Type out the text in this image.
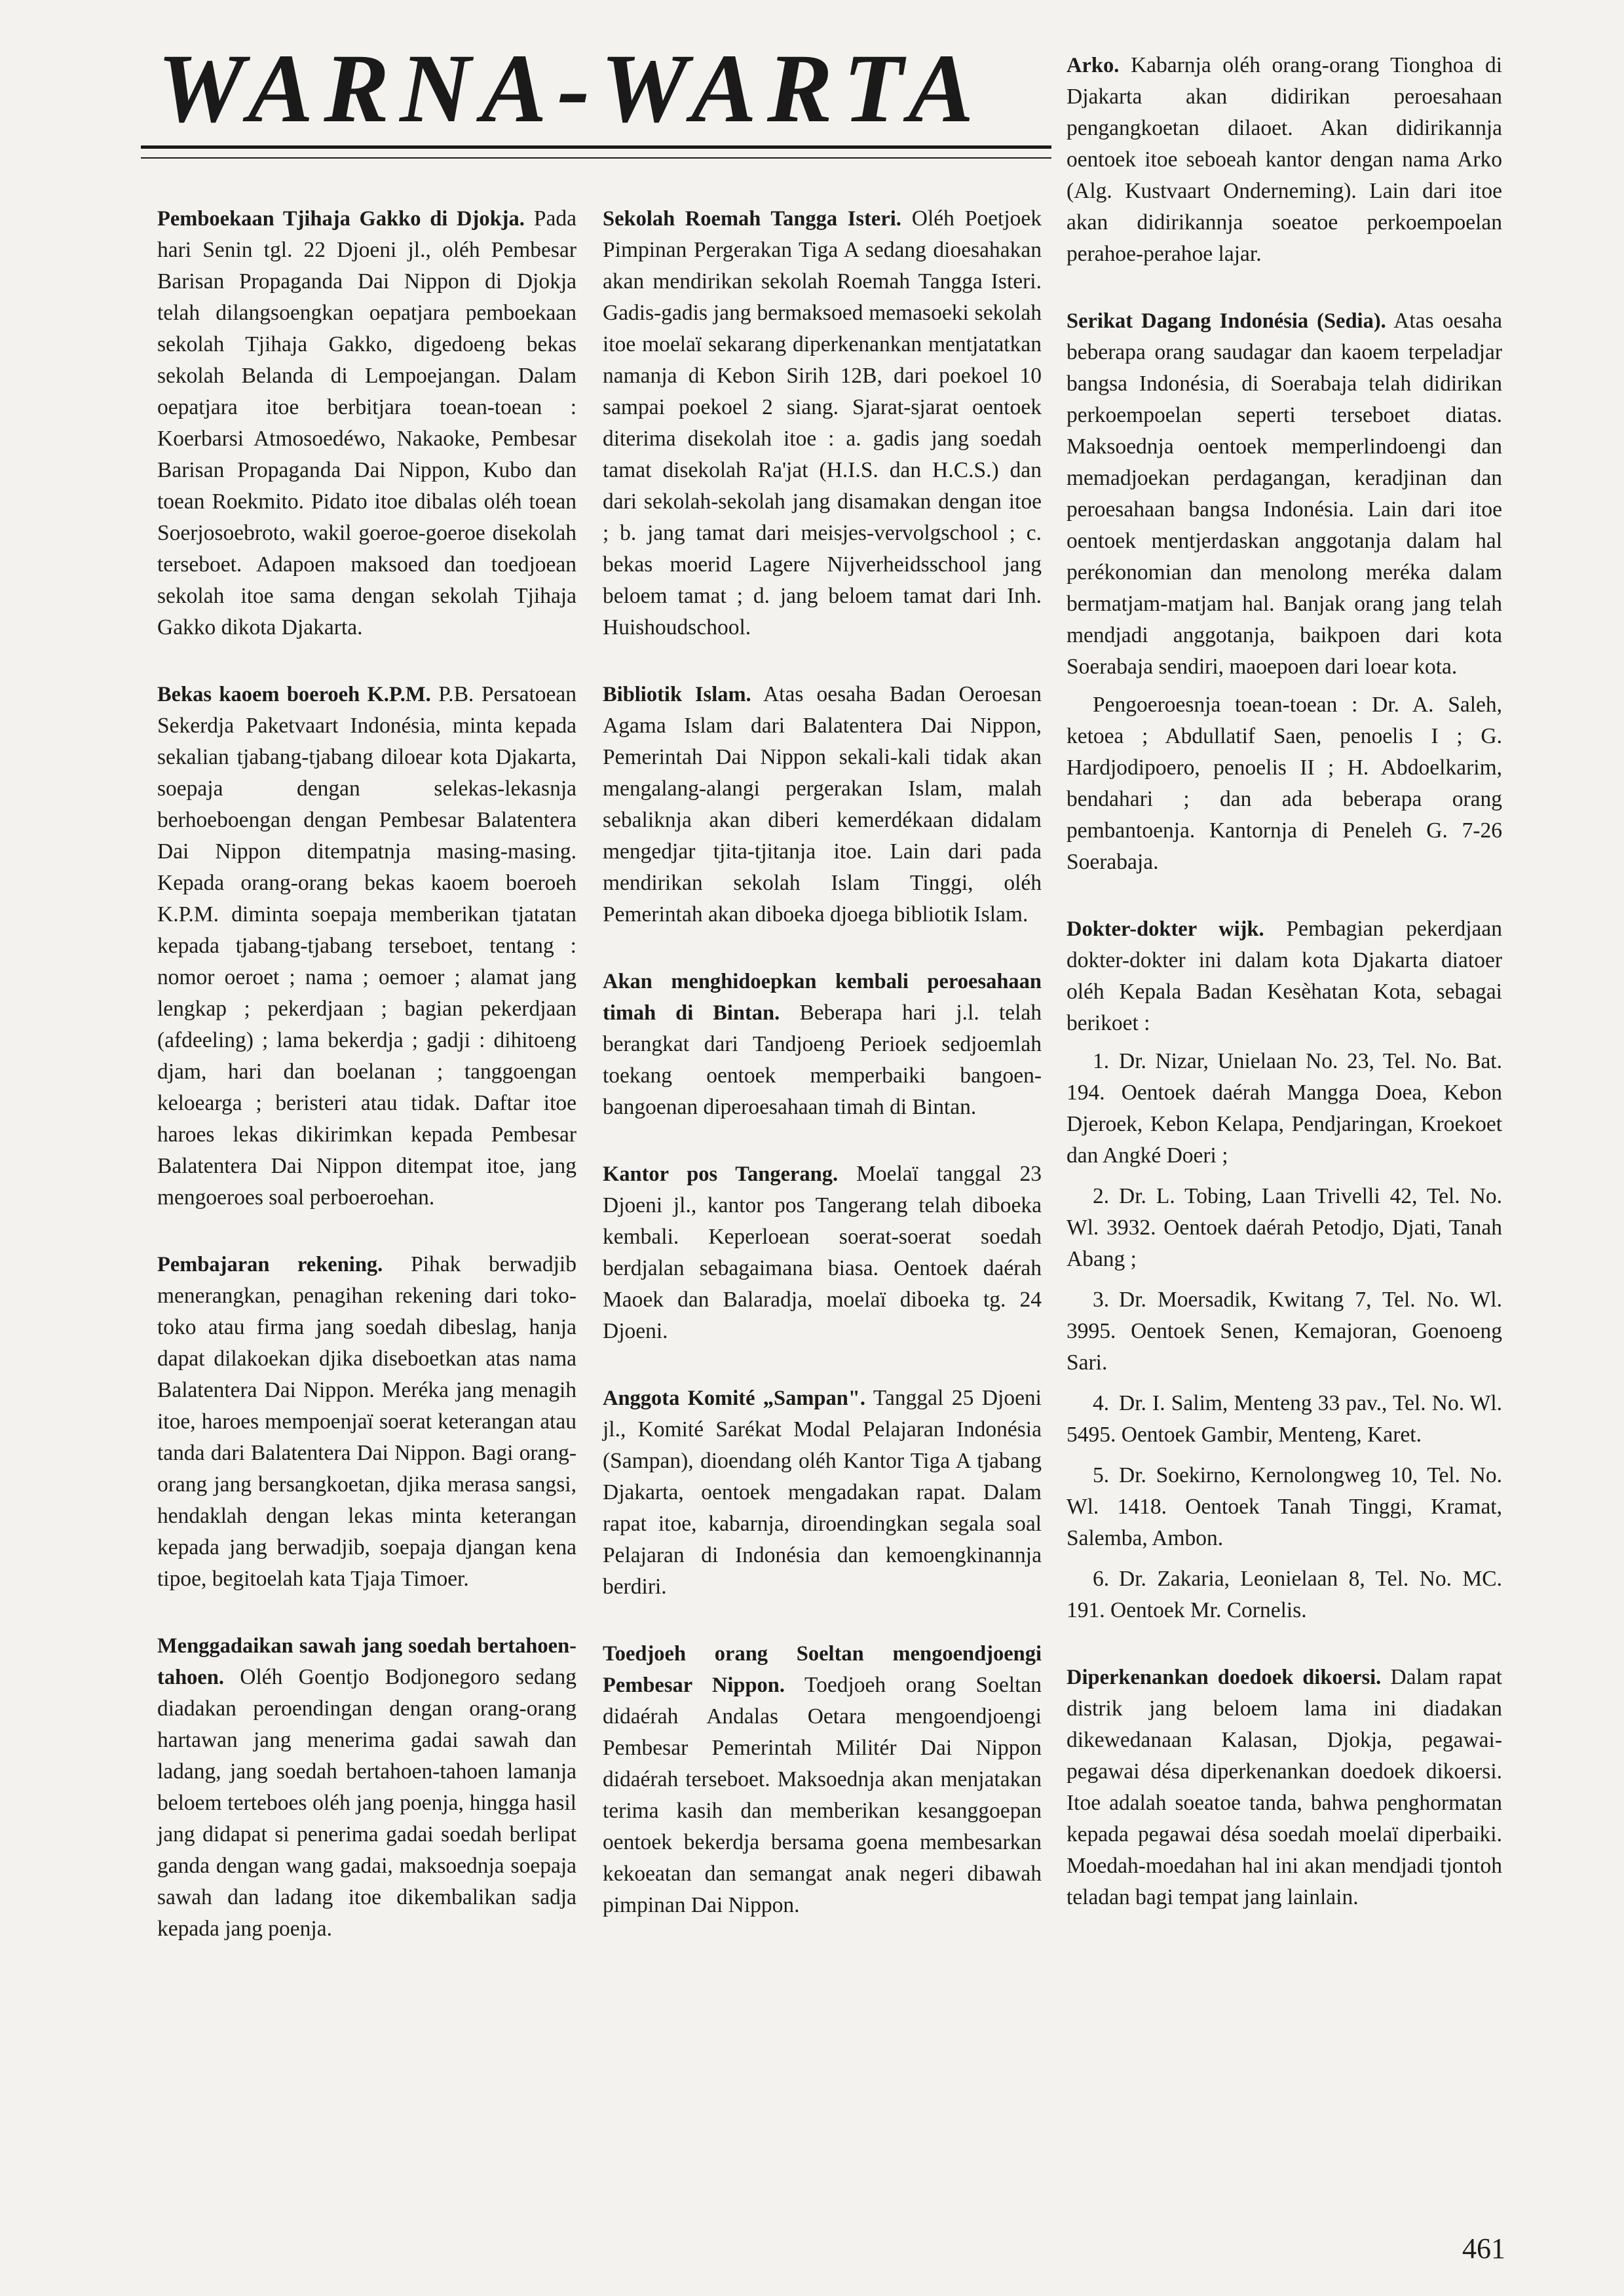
WARNA-WARTA

Pemboekaan Tjihaja Gakko di Djokja. Pada hari Senin tgl. 22 Djoeni jl., oléh Pembesar Barisan Propaganda Dai Nippon di Djokja telah dilangsoengkan oepatjara pemboekaan sekolah Tjihaja Gakko, digedoeng bekas sekolah Belanda di Lempoejangan. Dalam oepatjara itoe berbitjara toean-toean : Koerbarsi Atmosoedéwo, Nakaoke, Pembesar Barisan Propaganda Dai Nippon, Kubo dan toean Roekmito. Pidato itoe dibalas oléh toean Soerjosoebroto, wakil goeroe-goeroe disekolah terseboet. Adapoen maksoed dan toedjoean sekolah itoe sama dengan sekolah Tjihaja Gakko dikota Djakarta.

Bekas kaoem boeroeh K.P.M. P.B. Persatoean Sekerdja Paketvaart Indonésia, minta kepada sekalian tjabang-tjabang diloear kota Djakarta, soepaja dengan selekas-lekasnja berhoeboengan dengan Pembesar Balatentera Dai Nippon ditempatnja masing-masing. Kepada orang-orang bekas kaoem boeroeh K.P.M. diminta soepaja memberikan tjatatan kepada tjabang-tjabang terseboet, tentang : nomor oeroet ; nama ; oemoer ; alamat jang lengkap ; pekerdjaan ; bagian pekerdjaan (afdeeling) ; lama bekerdja ; gadji : dihitoeng djam, hari dan boelanan ; tanggoengan keloearga ; beristeri atau tidak. Daftar itoe haroes lekas dikirimkan kepada Pembesar Balatentera Dai Nippon ditempat itoe, jang mengoeroes soal perboeroehan.

Pembajaran rekening. Pihak berwadjib menerangkan, penagihan rekening dari toko-toko atau firma jang soedah dibeslag, hanja dapat dilakoekan djika diseboetkan atas nama Balatentera Dai Nippon. Meréka jang menagih itoe, haroes mempoenjaï soerat keterangan atau tanda dari Balatentera Dai Nippon. Bagi orang-orang jang bersangkoetan, djika merasa sangsi, hendaklah dengan lekas minta keterangan kepada jang berwadjib, soepaja djangan kena tipoe, begitoelah kata Tjaja Timoer.

Menggadaikan sawah jang soedah bertahoen-tahoen. Oléh Goentjo Bodjonegoro sedang diadakan peroendingan dengan orang-orang hartawan jang menerima gadai sawah dan ladang, jang soedah bertahoen-tahoen lamanja beloem terteboes oléh jang poenja, hingga hasil jang didapat si penerima gadai soedah berlipat ganda dengan wang gadai, maksoednja soepaja sawah dan ladang itoe dikembalikan sadja kepada jang poenja.

Sekolah Roemah Tangga Isteri. Oléh Poetjoek Pimpinan Pergerakan Tiga A sedang dioesahakan akan mendirikan sekolah Roemah Tangga Isteri. Gadis-gadis jang bermaksoed memasoeki sekolah itoe moelaï sekarang diperkenankan mentjatatkan namanja di Kebon Sirih 12B, dari poekoel 10 sampai poekoel 2 siang. Sjarat-sjarat oentoek diterima disekolah itoe : a. gadis jang soedah tamat disekolah Ra'jat (H.I.S. dan H.C.S.) dan dari sekolah-sekolah jang disamakan dengan itoe ; b. jang tamat dari meisjes-vervolgschool ; c. bekas moerid Lagere Nijverheidsschool jang beloem tamat ; d. jang beloem tamat dari Inh. Huishoudschool.

Bibliotik Islam. Atas oesaha Badan Oeroesan Agama Islam dari Balatentera Dai Nippon, Pemerintah Dai Nippon sekali-kali tidak akan mengalang-alangi pergerakan Islam, malah sebaliknja akan diberi kemerdékaan didalam mengedjar tjita-tjitanja itoe. Lain dari pada mendirikan sekolah Islam Tinggi, oléh Pemerintah akan diboeka djoega bibliotik Islam.

Akan menghidoepkan kembali peroesahaan timah di Bintan. Beberapa hari j.l. telah berangkat dari Tandjoeng Perioek sedjoemlah toekang oentoek memperbaiki bangoen-bangoenan diperoesahaan timah di Bintan.

Kantor pos Tangerang. Moelaï tanggal 23 Djoeni jl., kantor pos Tangerang telah diboeka kembali. Keperloean soerat-soerat soedah berdjalan sebagaimana biasa. Oentoek daérah Maoek dan Balaradja, moelaï diboeka tg. 24 Djoeni.

Anggota Komité „Sampan". Tanggal 25 Djoeni jl., Komité Sarékat Modal Pelajaran Indonésia (Sampan), dioendang oléh Kantor Tiga A tjabang Djakarta, oentoek mengadakan rapat. Dalam rapat itoe, kabarnja, diroendingkan segala soal Pelajaran di Indonésia dan kemoengkinannja berdiri.

Toedjoeh orang Soeltan mengoendjoengi Pembesar Nippon. Toedjoeh orang Soeltan didaérah Andalas Oetara mengoendjoengi Pembesar Pemerintah Militér Dai Nippon didaérah terseboet. Maksoednja akan menjatakan terima kasih dan memberikan kesanggoepan oentoek bekerdja bersama goena membesarkan kekoeatan dan semangat anak negeri dibawah pimpinan Dai Nippon.

Arko. Kabarnja oléh orang-orang Tionghoa di Djakarta akan didirikan peroesahaan pengangkoetan dilaoet. Akan didirikannja oentoek itoe seboeah kantor dengan nama Arko (Alg. Kustvaart Onderneming). Lain dari itoe akan didirikannja soeatoe perkoempoelan perahoe-perahoe lajar.

Serikat Dagang Indonésia (Sedia). Atas oesaha beberapa orang saudagar dan kaoem terpeladjar bangsa Indonésia, di Soerabaja telah didirikan perkoempoelan seperti terseboet diatas. Maksoednja oentoek memperlindoengi dan memadjoekan perdagangan, keradjinan dan peroesahaan bangsa Indonésia. Lain dari itoe oentoek mentjerdaskan anggotanja dalam hal perékonomian dan menolong meréka dalam bermatjam-matjam hal. Banjak orang jang telah mendjadi anggotanja, baikpoen dari kota Soerabaja sendiri, maoepoen dari loear kota.

Pengoeroesnja toean-toean : Dr. A. Saleh, ketoea ; Abdullatif Saen, penoelis I ; G. Hardjodipoero, penoelis II ; H. Abdoelkarim, bendahari ; dan ada beberapa orang pembantoenja. Kantornja di Peneleh G. 7-26 Soerabaja.

Dokter-dokter wijk. Pembagian pekerdjaan dokter-dokter ini dalam kota Djakarta diatoer oléh Kepala Badan Kesèhatan Kota, sebagai berikoet :

1. Dr. Nizar, Unielaan No. 23, Tel. No. Bat. 194. Oentoek daérah Mangga Doea, Kebon Djeroek, Kebon Kelapa, Pendjaringan, Kroekoet dan Angké Doeri ;
2. Dr. L. Tobing, Laan Trivelli 42, Tel. No. Wl. 3932. Oentoek daérah Petodjo, Djati, Tanah Abang ;
3. Dr. Moersadik, Kwitang 7, Tel. No. Wl. 3995. Oentoek Senen, Kemajoran, Goenoeng Sari.
4. Dr. I. Salim, Menteng 33 pav., Tel. No. Wl. 5495. Oentoek Gambir, Menteng, Karet.
5. Dr. Soekirno, Kernolongweg 10, Tel. No. Wl. 1418. Oentoek Tanah Tinggi, Kramat, Salemba, Ambon.
6. Dr. Zakaria, Leonielaan 8, Tel. No. MC. 191. Oentoek Mr. Cornelis.

Diperkenankan doedoek dikoersi. Dalam rapat distrik jang beloem lama ini diadakan dikewedanaan Kalasan, Djokja, pegawai-pegawai désa diperkenankan doedoek dikoersi. Itoe adalah soeatoe tanda, bahwa penghormatan kepada pegawai désa soedah moelaï diperbaiki. Moedah-moedahan hal ini akan mendjadi tjontoh teladan bagi tempat jang lainlain.

461
